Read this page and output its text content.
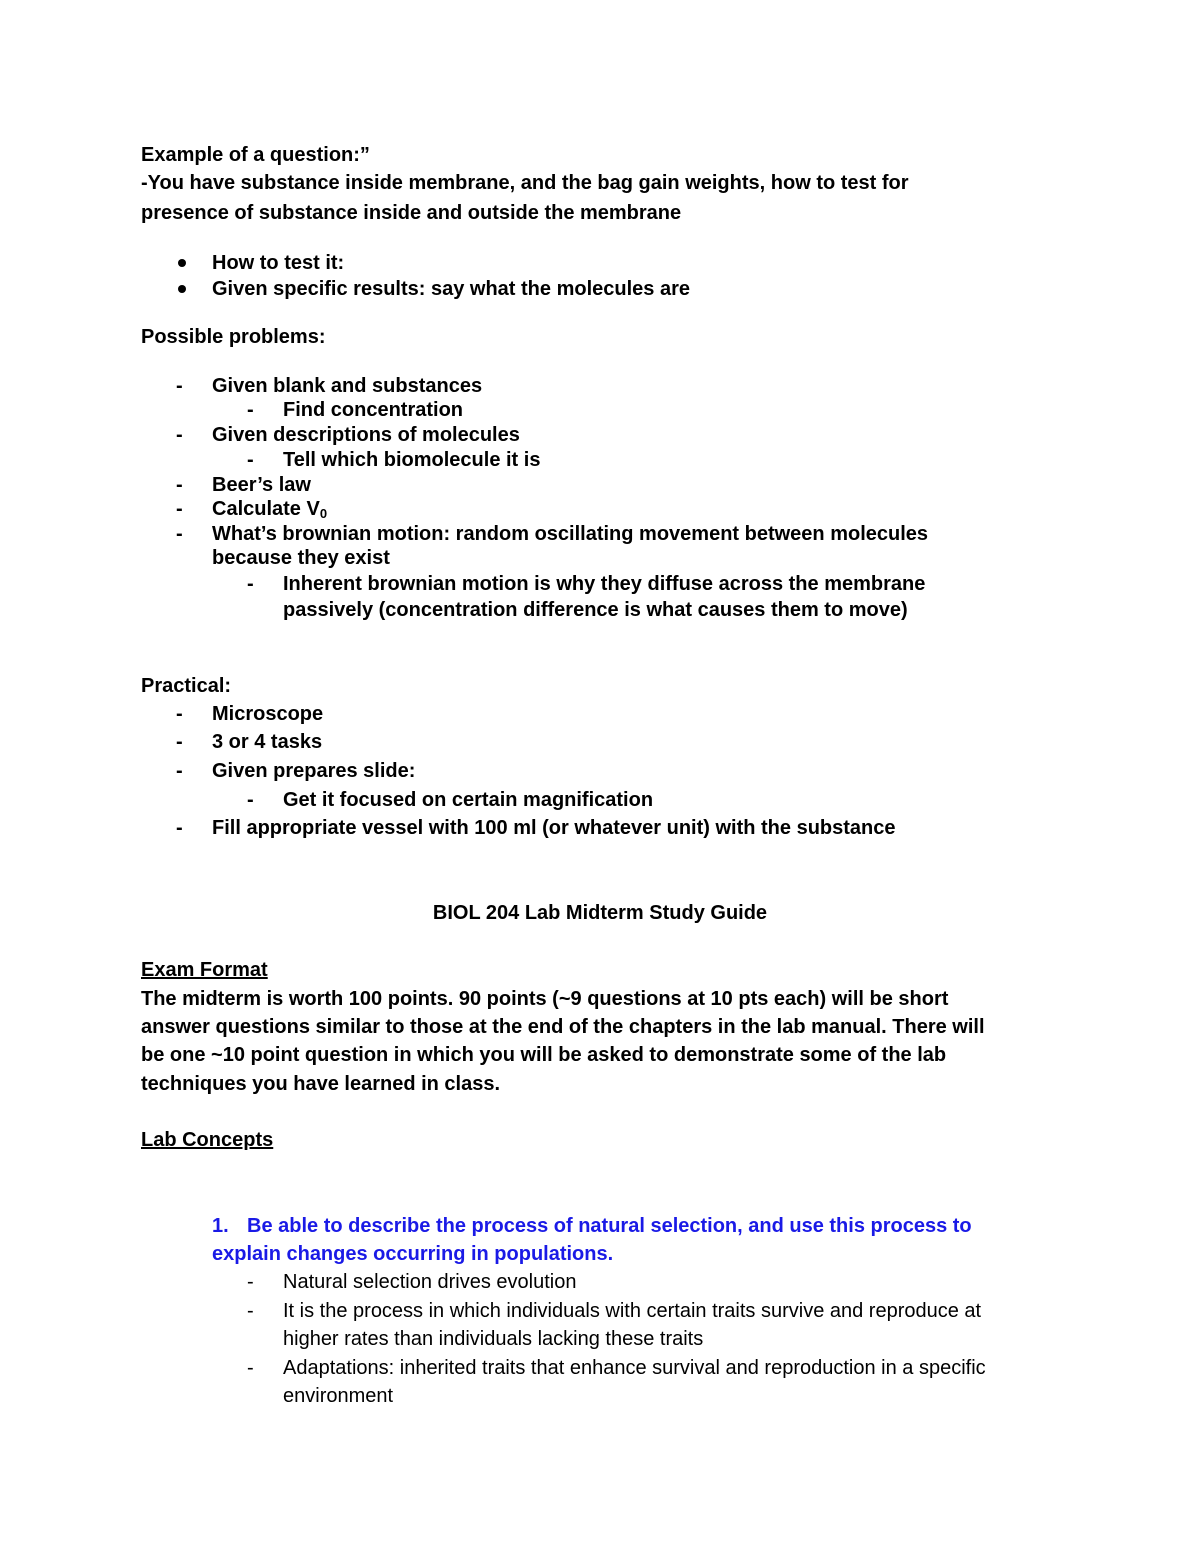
Example of a question:”
-You have substance inside membrane, and the bag gain weights, how to test for
presence of substance inside and outside the membrane
How to test it:
Given specific results: say what the molecules are
Possible problems:
- Given blank and substances
- Find concentration
- Given descriptions of molecules
- Tell which biomolecule it is
- Beer’s law
- Calculate $V_0$
- What’s brownian motion: random oscillating movement between molecules
because they exist
- Inherent brownian motion is why they diffuse across the membrane
passively (concentration difference is what causes them to move)
Practical:
- Microscope
- 3 or 4 tasks
- Given prepares slide:
- Get it focused on certain magnification
- Fill appropriate vessel with 100 ml (or whatever unit) with the substance
BIOL 204 Lab Midterm Study Guide
Exam Format
The midterm is worth 100 points. 90 points (~9 questions at 10 pts each) will be short
answer questions similar to those at the end of the chapters in the lab manual. There will
be one ~10 point question in which you will be asked to demonstrate some of the lab
techniques you have learned in class.
Lab Concepts
1. Be able to describe the process of natural selection, and use this process to
explain changes occurring in populations.
- Natural selection drives evolution
- It is the process in which individuals with certain traits survive and reproduce at
higher rates than individuals lacking these traits
- Adaptations: inherited traits that enhance survival and reproduction in a specific
environment
